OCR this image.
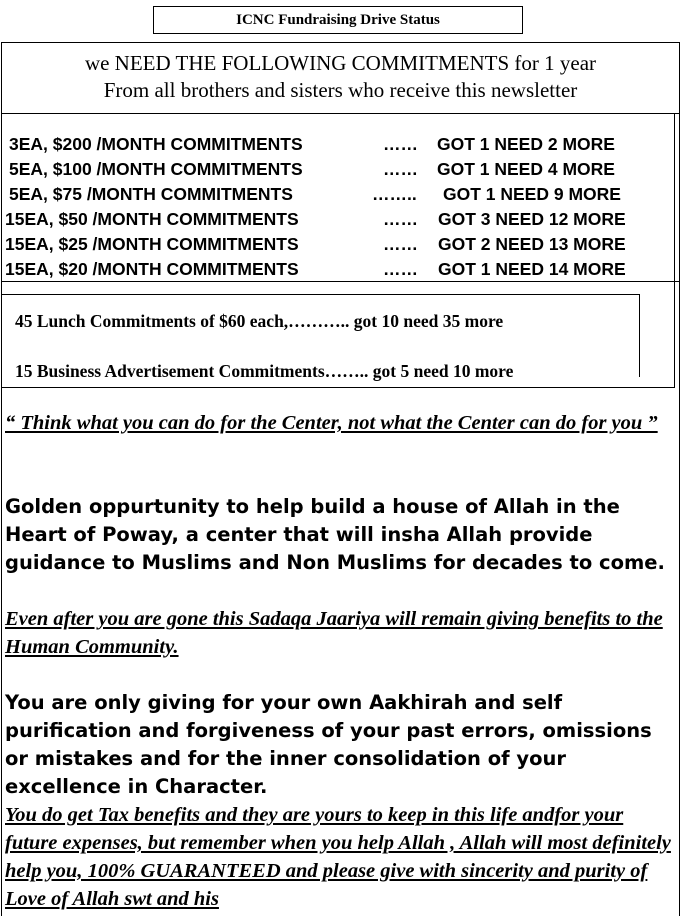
ICNC Fundraising Drive Status
we NEED THE FOLLOWING COMMITMENTS for 1 year
From all brothers and sisters who receive this newsletter
3EA, $200 /MONTH COMMITMENTS	…… GOT 1 NEED 2 MORE
5EA, $100 /MONTH COMMITMENTS	…… GOT 1 NEED 4 MORE
5EA, $75 /MONTH COMMITMENTS	…….. GOT 1 NEED 9 MORE
15EA, $50 /MONTH COMMITMENTS	…… GOT 3 NEED 12 MORE
15EA, $25 /MONTH COMMITMENTS	…… GOT 2 NEED 13 MORE
15EA, $20 /MONTH COMMITMENTS	…… GOT 1 NEED 14 MORE
45 Lunch Commitments of $60 each,……….. got 10 need 35 more
15 Business Advertisement Commitments…….. got 5 need 10 more
“ Think what you can do for the Center, not what the Center can do for you ”
Golden oppurtunity to help build a house of Allah in the Heart of Poway, a center that will insha Allah provide guidance to Muslims and Non Muslims for decades to come.
Even after you are gone this Sadaqa Jaariya will remain giving benefits to the Human Community.
You are only giving for your own Aakhirah and self purification and forgiveness of your past errors, omissions or mistakes and for the inner consolidation of your excellence in Character.
You do get Tax benefits and they are yours to keep in this life andfor your future expenses, but remember when you help Allah , Allah will most definitely help you, 100% GUARANTEED and please give with sincerity and purity of Love of Allah swt and his
